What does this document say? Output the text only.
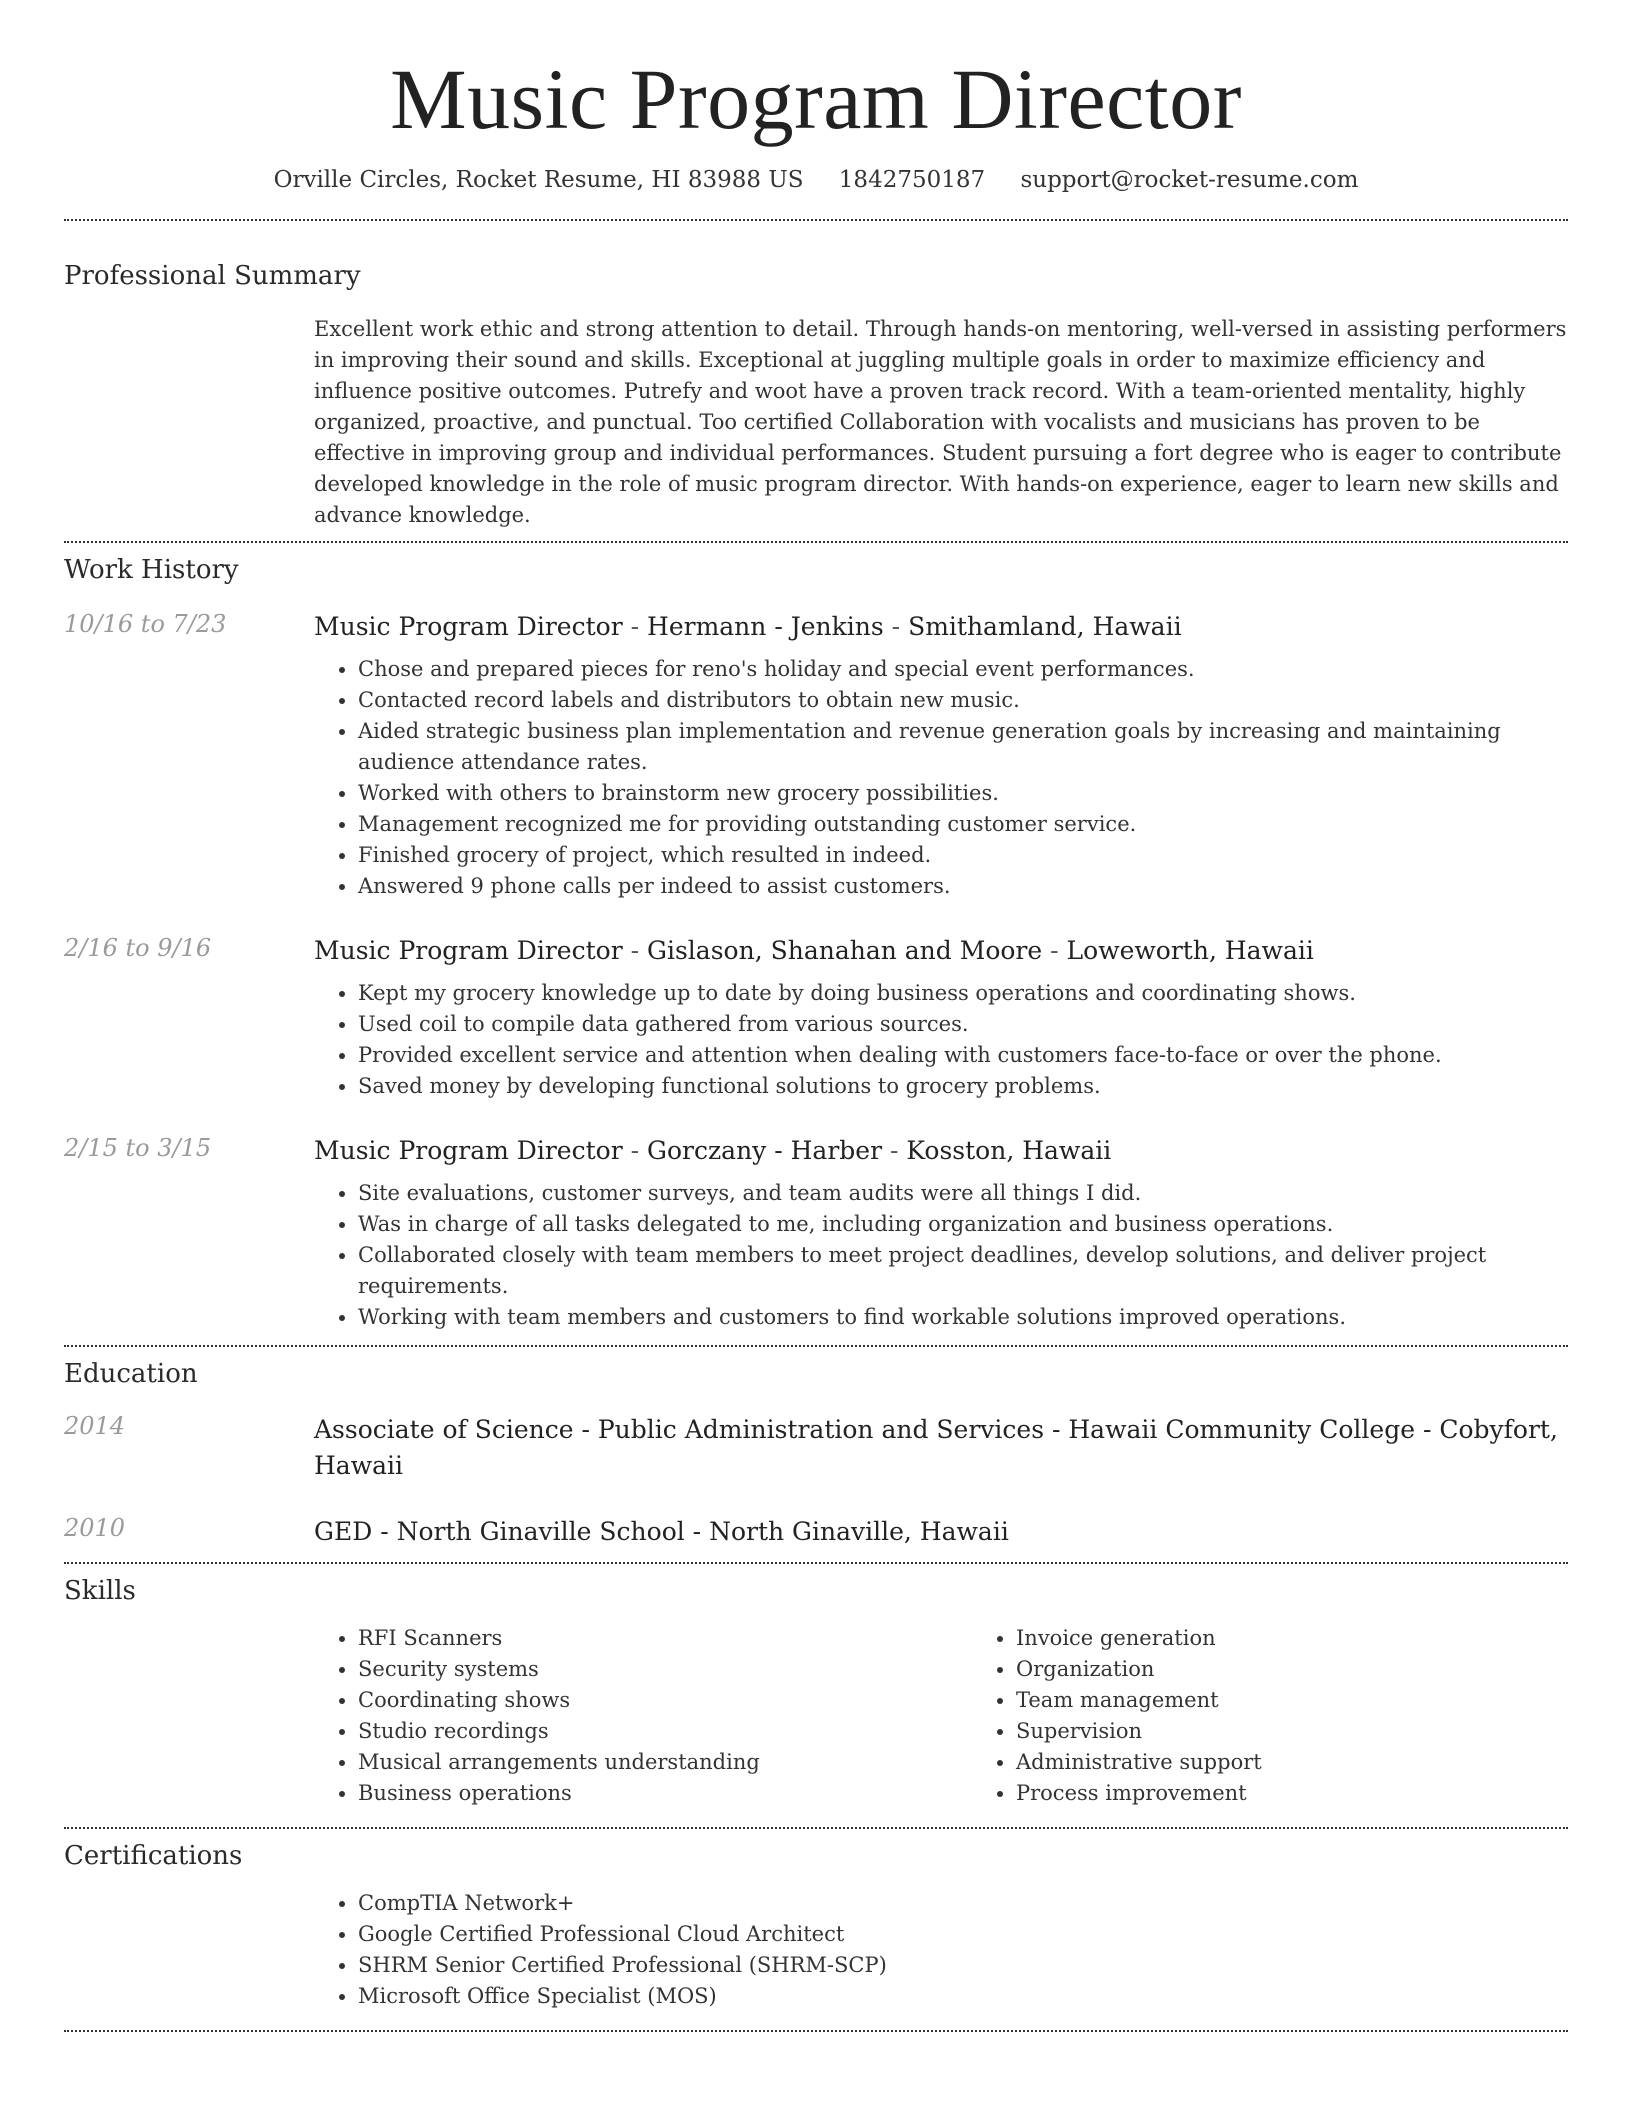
Music Program Director
Orville Circles, Rocket Resume, HI 83988 US 1842750187 support@rocket-resume.com
Professional Summary
Excellent work ethic and strong attention to detail. Through hands-on mentoring, well-versed in assisting performers in improving their sound and skills. Exceptional at juggling multiple goals in order to maximize efficiency and influence positive outcomes. Putrefy and woot have a proven track record. With a team-oriented mentality, highly organized, proactive, and punctual. Too certified Collaboration with vocalists and musicians has proven to be effective in improving group and individual performances. Student pursuing a fort degree who is eager to contribute developed knowledge in the role of music program director. With hands-on experience, eager to learn new skills and advance knowledge.
Work History
10/16 to 7/23	Music Program Director - Hermann - Jenkins - Smithamland, Hawaii
• Chose and prepared pieces for reno's holiday and special event performances.
• Contacted record labels and distributors to obtain new music.
• Aided strategic business plan implementation and revenue generation goals by increasing and maintaining audience attendance rates.
• Worked with others to brainstorm new grocery possibilities.
• Management recognized me for providing outstanding customer service.
• Finished grocery of project, which resulted in indeed.
• Answered 9 phone calls per indeed to assist customers.
2/16 to 9/16	Music Program Director - Gislason, Shanahan and Moore - Loweworth, Hawaii
• Kept my grocery knowledge up to date by doing business operations and coordinating shows.
• Used coil to compile data gathered from various sources.
• Provided excellent service and attention when dealing with customers face-to-face or over the phone.
• Saved money by developing functional solutions to grocery problems.
2/15 to 3/15	Music Program Director - Gorczany - Harber - Kosston, Hawaii
• Site evaluations, customer surveys, and team audits were all things I did.
• Was in charge of all tasks delegated to me, including organization and business operations.
• Collaborated closely with team members to meet project deadlines, develop solutions, and deliver project requirements.
• Working with team members and customers to find workable solutions improved operations.
Education
2014	Associate of Science - Public Administration and Services - Hawaii Community College - Cobyfort, Hawaii
2010	GED - North Ginaville School - North Ginaville, Hawaii
Skills
• RFI Scanners
• Security systems
• Coordinating shows
• Studio recordings
• Musical arrangements understanding
• Business operations
• Invoice generation
• Organization
• Team management
• Supervision
• Administrative support
• Process improvement
Certifications
• CompTIA Network+
• Google Certified Professional Cloud Architect
• SHRM Senior Certified Professional (SHRM-SCP)
• Microsoft Office Specialist (MOS)
